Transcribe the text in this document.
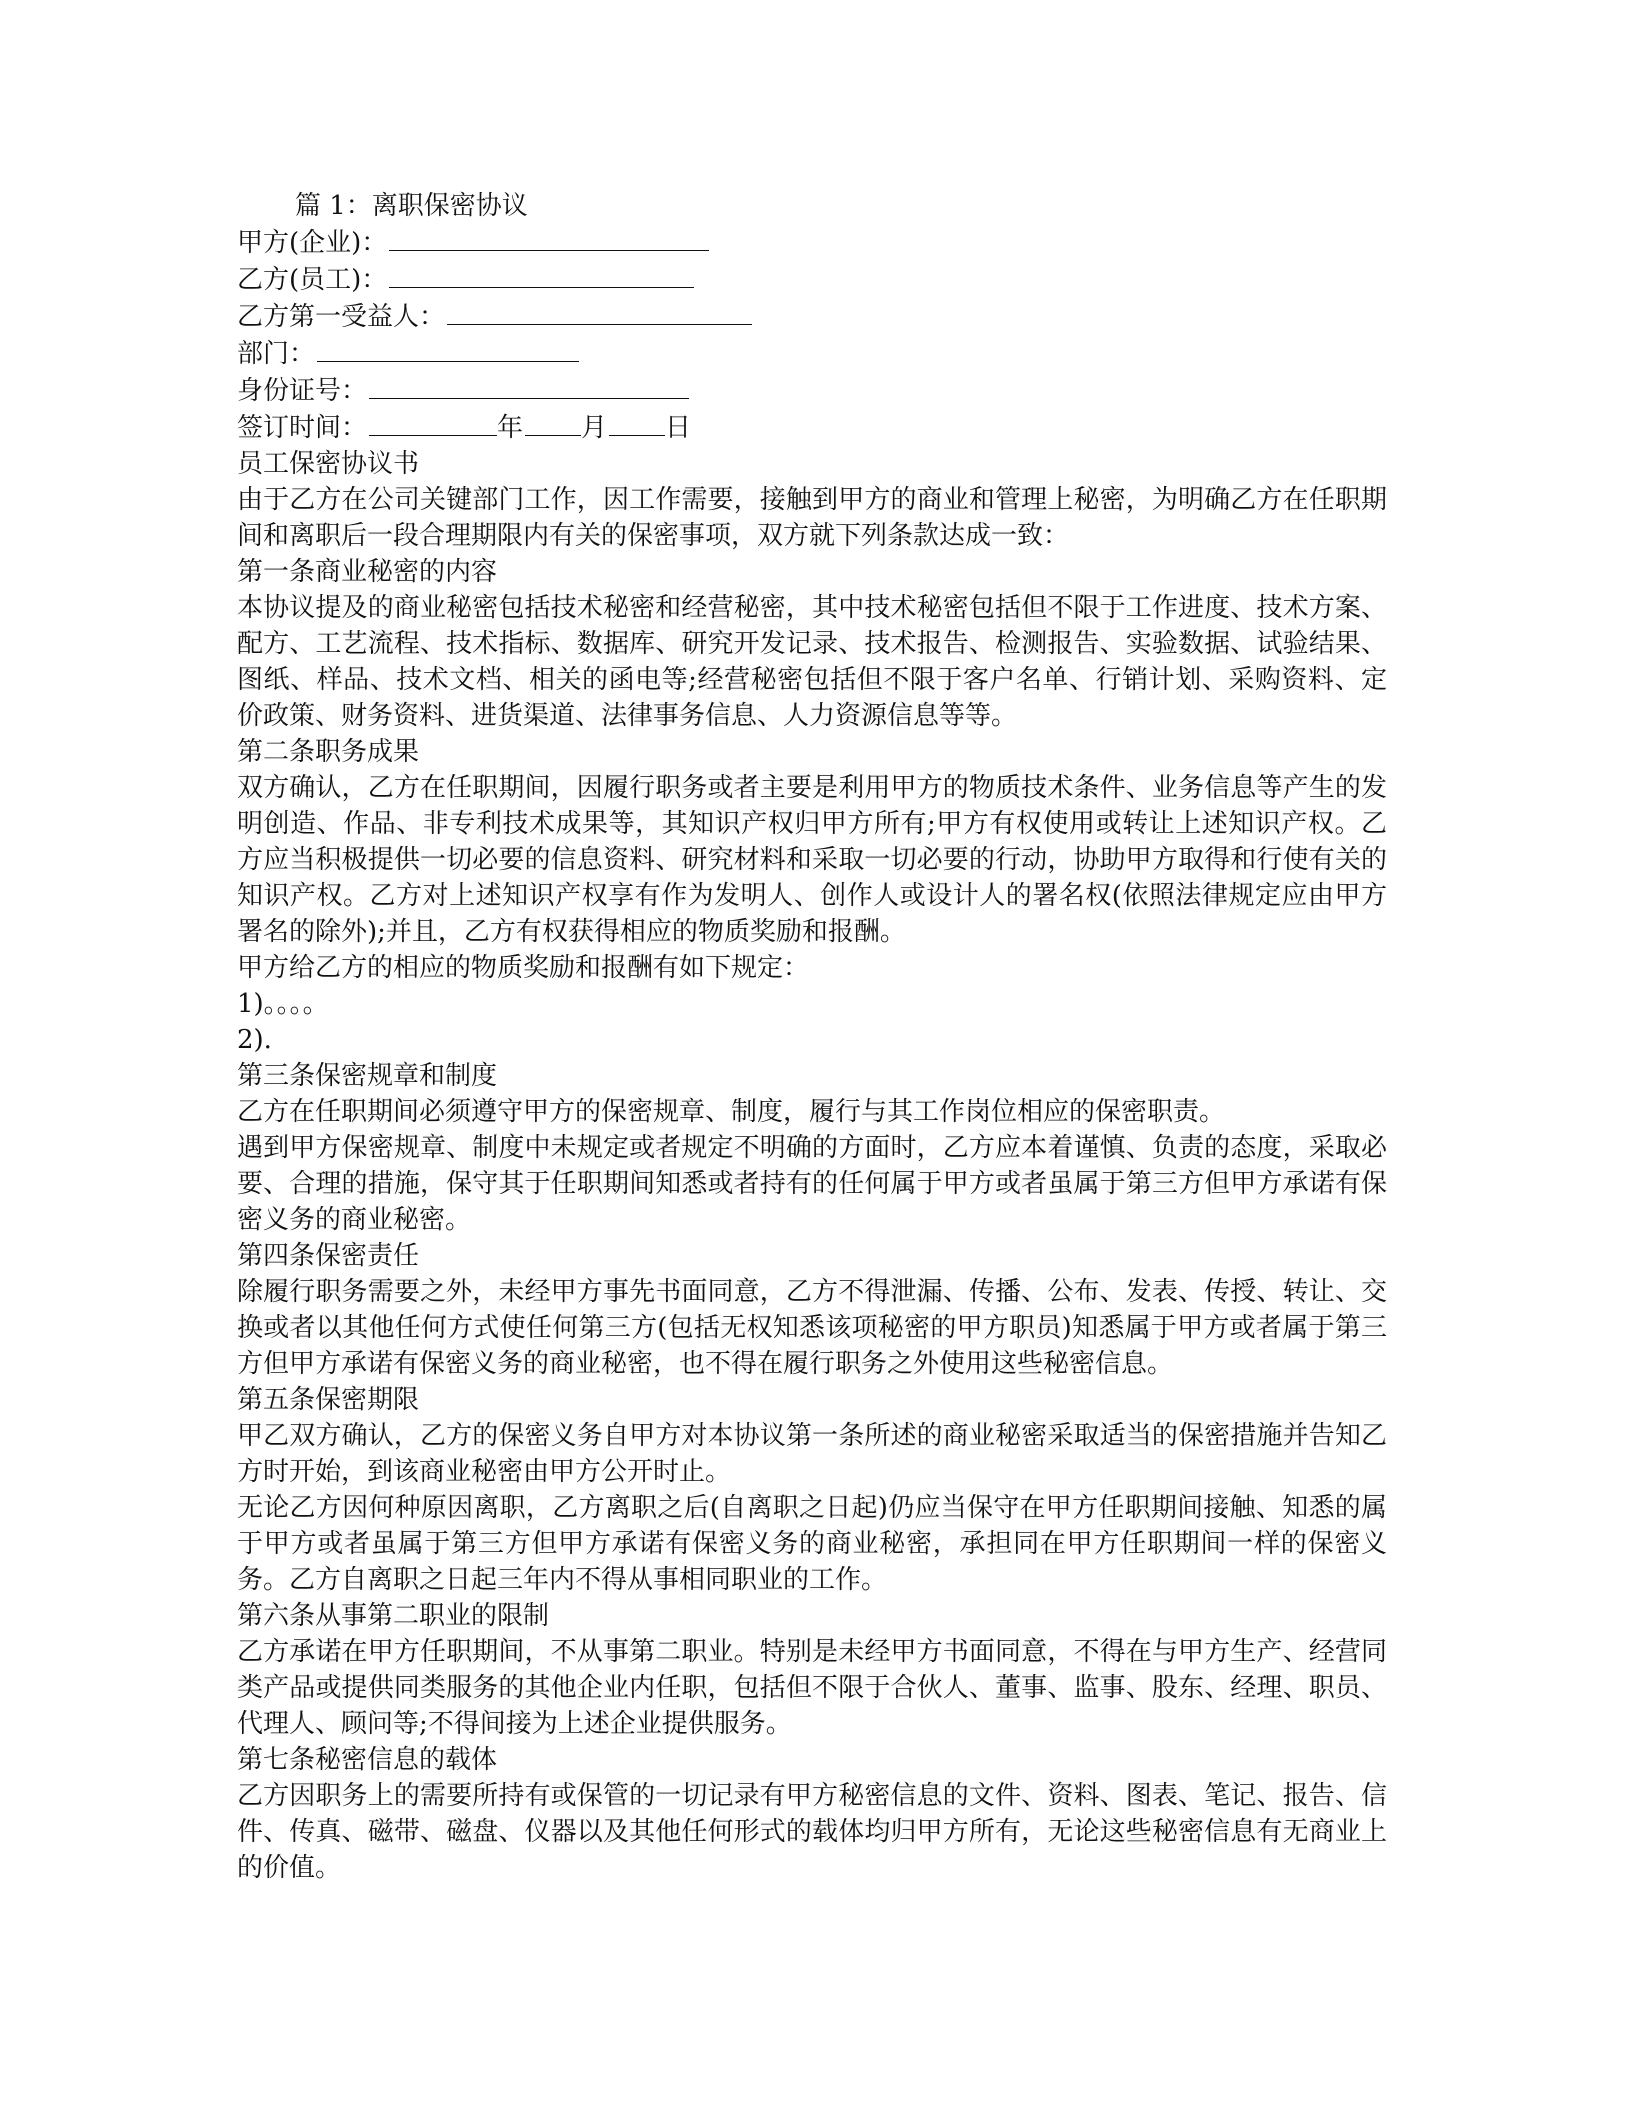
篇 1：离职保密协议
甲方(企业)：
乙方(员工)：
乙方第一受益人：
部门：
身份证号：
签订时间：	年 月 日
员工保密协议书
由于乙方在公司关键部门工作，因工作需要，接触到甲方的商业和管理上秘密，为明确乙方在任职期间和离职后一段合理期限内有关的保密事项，双方就下列条款达成一致：
第一条商业秘密的内容
本协议提及的商业秘密包括技术秘密和经营秘密，其中技术秘密包括但不限于工作进度、技术方案、配方、工艺流程、技术指标、数据库、研究开发记录、技术报告、检测报告、实验数据、试验结果、图纸、样品、技术文档、相关的函电等;经营秘密包括但不限于客户名单、行销计划、采购资料、定价政策、财务资料、进货渠道、法律事务信息、人力资源信息等等。
第二条职务成果
双方确认，乙方在任职期间，因履行职务或者主要是利用甲方的物质技术条件、业务信息等产生的发明创造、作品、非专利技术成果等，其知识产权归甲方所有;甲方有权使用或转让上述知识产权。乙方应当积极提供一切必要的信息资料、研究材料和采取一切必要的行动，协助甲方取得和行使有关的知识产权。乙方对上述知识产权享有作为发明人、创作人或设计人的署名权(依照法律规定应由甲方署名的除外);并且，乙方有权获得相应的物质奖励和报酬。
甲方给乙方的相应的物质奖励和报酬有如下规定：
1)。。。。
2).
第三条保密规章和制度
乙方在任职期间必须遵守甲方的保密规章、制度，履行与其工作岗位相应的保密职责。
遇到甲方保密规章、制度中未规定或者规定不明确的方面时，乙方应本着谨慎、负责的态度，采取必要、合理的措施，保守其于任职期间知悉或者持有的任何属于甲方或者虽属于第三方但甲方承诺有保密义务的商业秘密。
第四条保密责任
除履行职务需要之外，未经甲方事先书面同意，乙方不得泄漏、传播、公布、发表、传授、转让、交换或者以其他任何方式使任何第三方(包括无权知悉该项秘密的甲方职员)知悉属于甲方或者属于第三方但甲方承诺有保密义务的商业秘密，也不得在履行职务之外使用这些秘密信息。
第五条保密期限
甲乙双方确认，乙方的保密义务自甲方对本协议第一条所述的商业秘密采取适当的保密措施并告知乙方时开始，到该商业秘密由甲方公开时止。
无论乙方因何种原因离职，乙方离职之后(自离职之日起)仍应当保守在甲方任职期间接触、知悉的属于甲方或者虽属于第三方但甲方承诺有保密义务的商业秘密，承担同在甲方任职期间一样的保密义务。乙方自离职之日起三年内不得从事相同职业的工作。
第六条从事第二职业的限制
乙方承诺在甲方任职期间，不从事第二职业。特别是未经甲方书面同意，不得在与甲方生产、经营同类产品或提供同类服务的其他企业内任职，包括但不限于合伙人、董事、监事、股东、经理、职员、代理人、顾问等;不得间接为上述企业提供服务。
第七条秘密信息的载体
乙方因职务上的需要所持有或保管的一切记录有甲方秘密信息的文件、资料、图表、笔记、报告、信件、传真、磁带、磁盘、仪器以及其他任何形式的载体均归甲方所有，无论这些秘密信息有无商业上的价值。
